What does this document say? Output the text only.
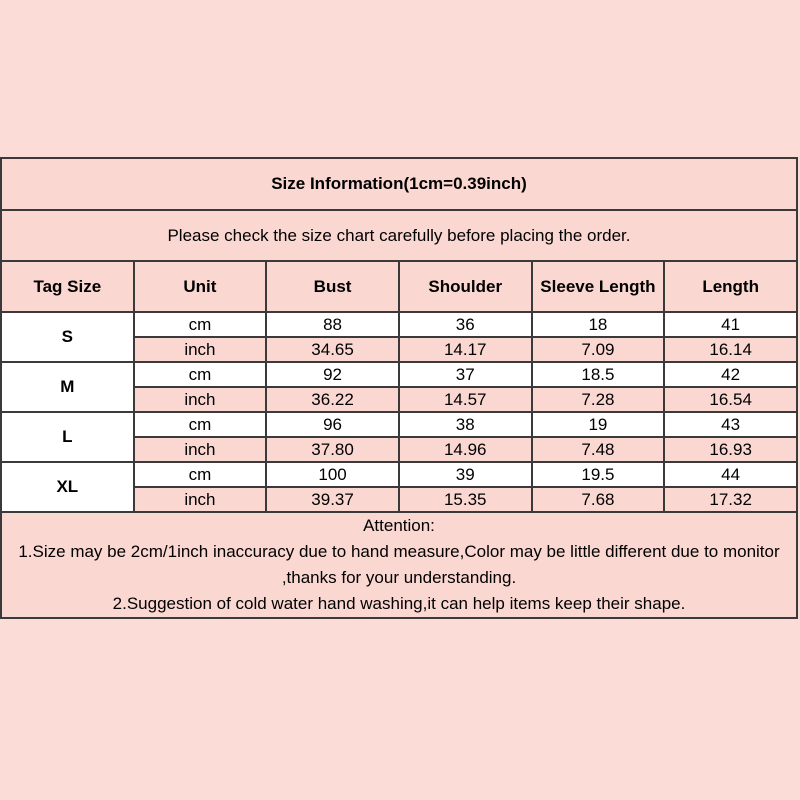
Size Information(1cm=0.39inch)					
Please check the size chart carefully before placing the order.					
Tag Size	Unit	Bust	Shoulder	Sleeve Length	Length
S	cm	88	36	18	41
	inch	34.65	14.17	7.09	16.14
M	cm	92	37	18.5	42
	inch	36.22	14.57	7.28	16.54
L	cm	96	38	19	43
	inch	37.80	14.96	7.48	16.93
XL	cm	100	39	19.5	44
	inch	39.37	15.35	7.68	17.32

Attention:
1.Size may be 2cm/1inch inaccuracy due to hand measure,Color may be little different due to monitor ,thanks for your understanding.
2.Suggestion of cold water hand washing,it can help items keep their shape.					
